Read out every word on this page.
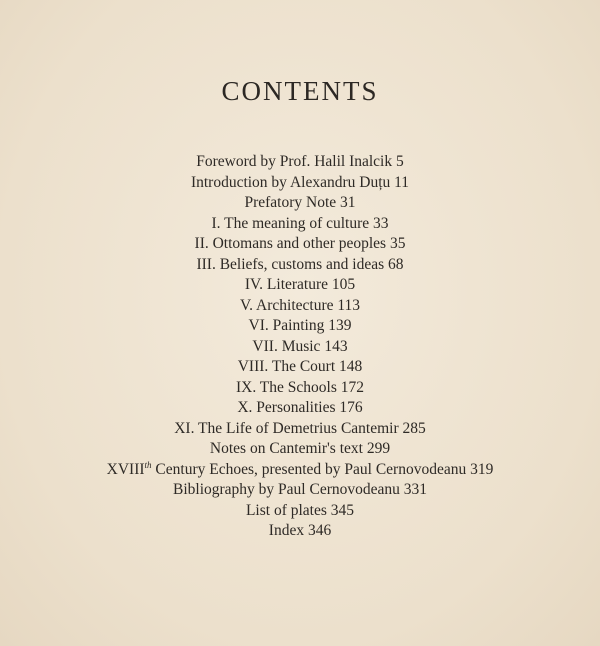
CONTENTS
Foreword by Prof. Halil Inalcik 5
Introduction by Alexandru Duțu 11
Prefatory Note 31
I. The meaning of culture 33
II. Ottomans and other peoples 35
III. Beliefs, customs and ideas 68
IV. Literature 105
V. Architecture 113
VI. Painting 139
VII. Music 143
VIII. The Court 148
IX. The Schools 172
X. Personalities 176
XI. The Life of Demetrius Cantemir 285
Notes on Cantemir's text 299
XVIIIth Century Echoes, presented by Paul Cernovodeanu 319
Bibliography by Paul Cernovodeanu 331
List of plates 345
Index 346
